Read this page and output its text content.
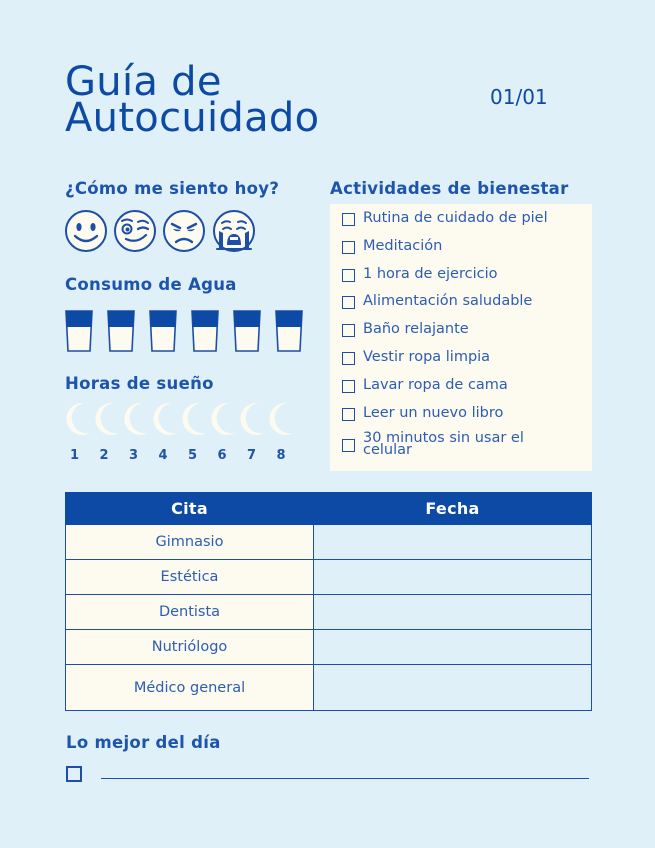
Guía de
Autocuidado	01/01
¿Cómo me siento hoy?
Consumo de Agua
Horas de sueño
1	2	3	4	5	6	7	8
Actividades de bienestar
Rutina de cuidado de piel
Meditación
1 hora de ejercicio
Alimentación saludable
Baño relajante
Vestir ropa limpia
Lavar ropa de cama
Leer un nuevo libro
30 minutos sin usar el
celular
Cita	Fecha
Gimnasio	
Estética	
Dentista	
Nutriólogo	
Médico general	
Lo mejor del día
